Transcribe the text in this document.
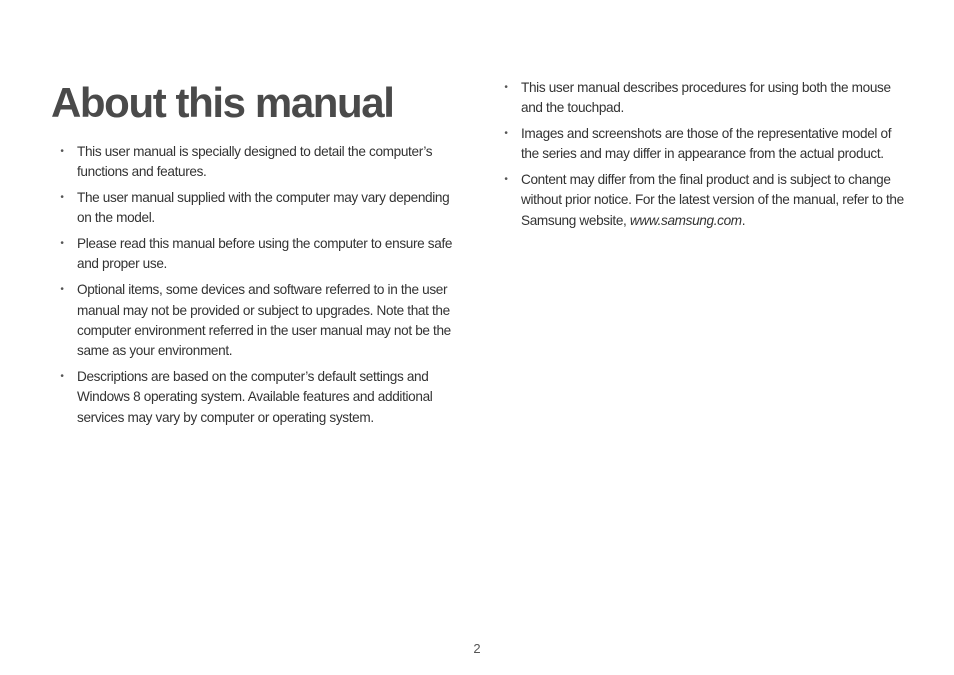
About this manual
• This user manual is specially designed to detail the computer’s functions and features.
• The user manual supplied with the computer may vary depending on the model.
• Please read this manual before using the computer to ensure safe and proper use.
• Optional items, some devices and software referred to in the user manual may not be provided or subject to upgrades. Note that the computer environment referred in the user manual may not be the same as your environment.
• Descriptions are based on the computer’s default settings and Windows 8 operating system. Available features and additional services may vary by computer or operating system.
• This user manual describes procedures for using both the mouse and the touchpad.
• Images and screenshots are those of the representative model of the series and may differ in appearance from the actual product.
• Content may differ from the final product and is subject to change without prior notice. For the latest version of the manual, refer to the Samsung website, www.samsung.com.
2
